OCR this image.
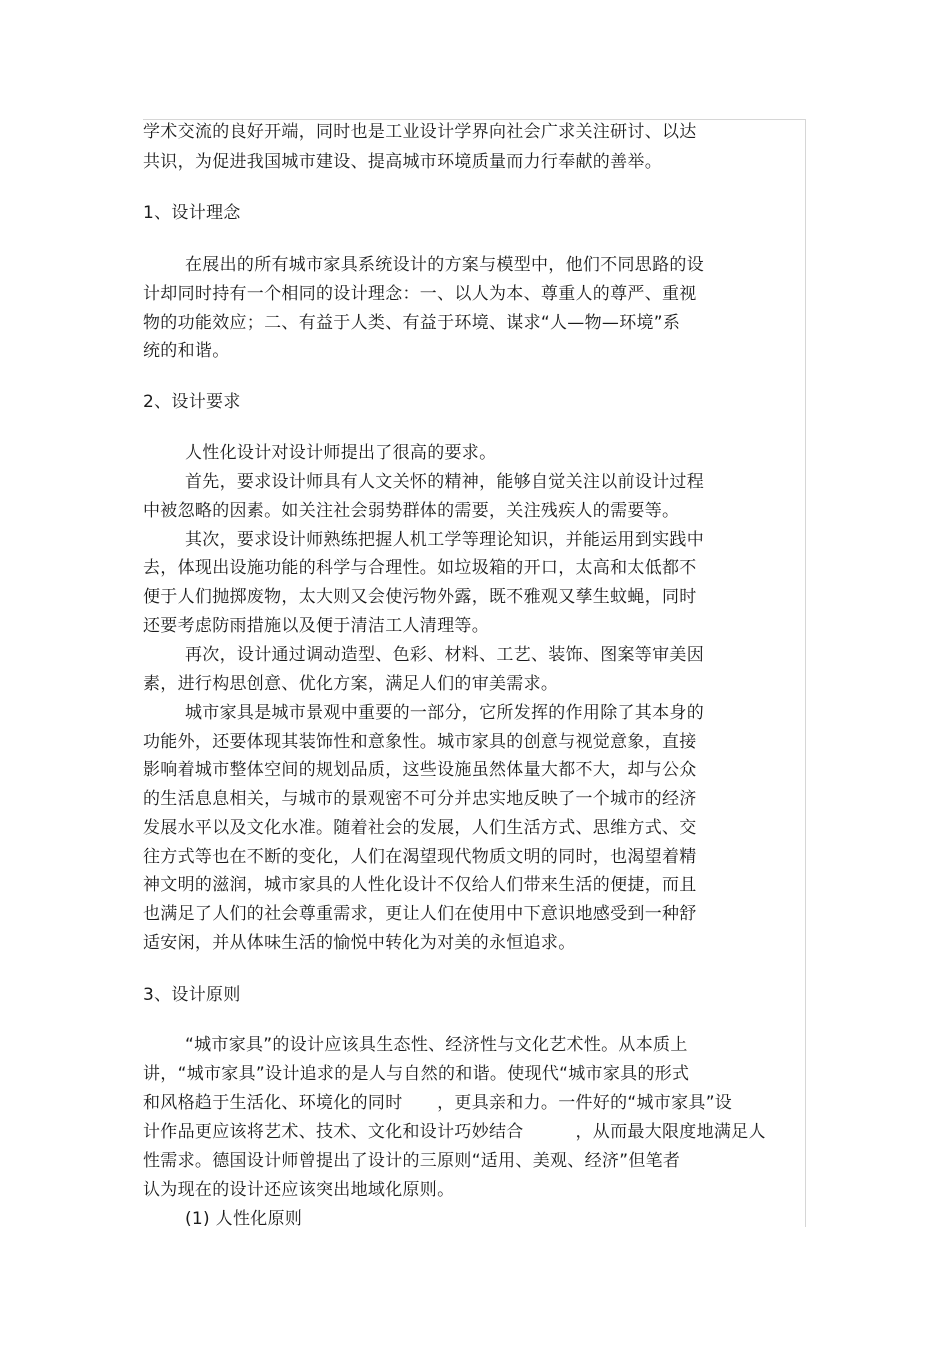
学术交流的良好开端，同时也是工业设计学界向社会广求关注研讨、以达
共识，为促进我国城市建设、提高城市环境质量而力行奉献的善举。
1、设计理念
在展出的所有城市家具系统设计的方案与模型中，他们不同思路的设
计却同时持有一个相同的设计理念：一、以人为本、尊重人的尊严、重视
物的功能效应；二、有益于人类、有益于环境、谋求“人—物—环境”系
统的和谐。
2、设计要求
人性化设计对设计师提出了很高的要求。
首先，要求设计师具有人文关怀的精神，能够自觉关注以前设计过程
中被忽略的因素。如关注社会弱势群体的需要，关注残疾人的需要等。
其次，要求设计师熟练把握人机工学等理论知识，并能运用到实践中
去，体现出设施功能的科学与合理性。如垃圾箱的开口，太高和太低都不
便于人们抛掷废物，太大则又会使污物外露，既不雅观又孳生蚊蝇，同时
还要考虑防雨措施以及便于清洁工人清理等。
再次，设计通过调动造型、色彩、材料、工艺、装饰、图案等审美因
素，进行构思创意、优化方案，满足人们的审美需求。
城市家具是城市景观中重要的一部分，它所发挥的作用除了其本身的
功能外，还要体现其装饰性和意象性。城市家具的创意与视觉意象，直接
影响着城市整体空间的规划品质，这些设施虽然体量大都不大，却与公众
的生活息息相关，与城市的景观密不可分并忠实地反映了一个城市的经济
发展水平以及文化水准。随着社会的发展，人们生活方式、思维方式、交
往方式等也在不断的变化，人们在渴望现代物质文明的同时，也渴望着精
神文明的滋润，城市家具的人性化设计不仅给人们带来生活的便捷，而且
也满足了人们的社会尊重需求，更让人们在使用中下意识地感受到一种舒
适安闲，并从体味生活的愉悦中转化为对美的永恒追求。
3、设计原则
“城市家具”的设计应该具生态性、经济性与文化艺术性。从本质上
讲，“城市家具”设计追求的是人与自然的和谐。使现代“城市家具的形式
和风格趋于生活化、环境化的同时　　，更具亲和力。一件好的“城市家具”设
计作品更应该将艺术、技术、文化和设计巧妙结合　　　，从而最大限度地满足人
性需求。德国设计师曾提出了设计的三原则“适用、美观、经济”但笔者
认为现在的设计还应该突出地域化原则。
(1) 人性化原则
